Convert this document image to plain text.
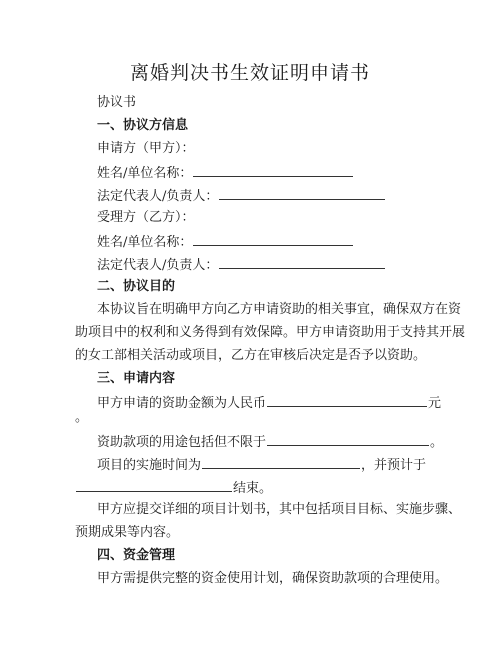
离婚判决书生效证明申请书
协议书
一、协议方信息
申请方（甲方）：
姓名/单位名称：
法定代表人/负责人：
受理方（乙方）：
姓名/单位名称：
法定代表人/负责人：
二、协议目的
本协议旨在明确甲方向乙方申请资助的相关事宜，确保双方在资
助项目中的权利和义务得到有效保障。甲方申请资助用于支持其开展
的女工部相关活动或项目，乙方在审核后决定是否予以资助。
三、申请内容
甲方申请的资助金额为人民币	元
。
资助款项的用途包括但不限于	。
项目的实施时间为	，并预计于
结束。
甲方应提交详细的项目计划书，其中包括项目目标、实施步骤、
预期成果等内容。
四、资金管理
甲方需提供完整的资金使用计划，确保资助款项的合理使用。
